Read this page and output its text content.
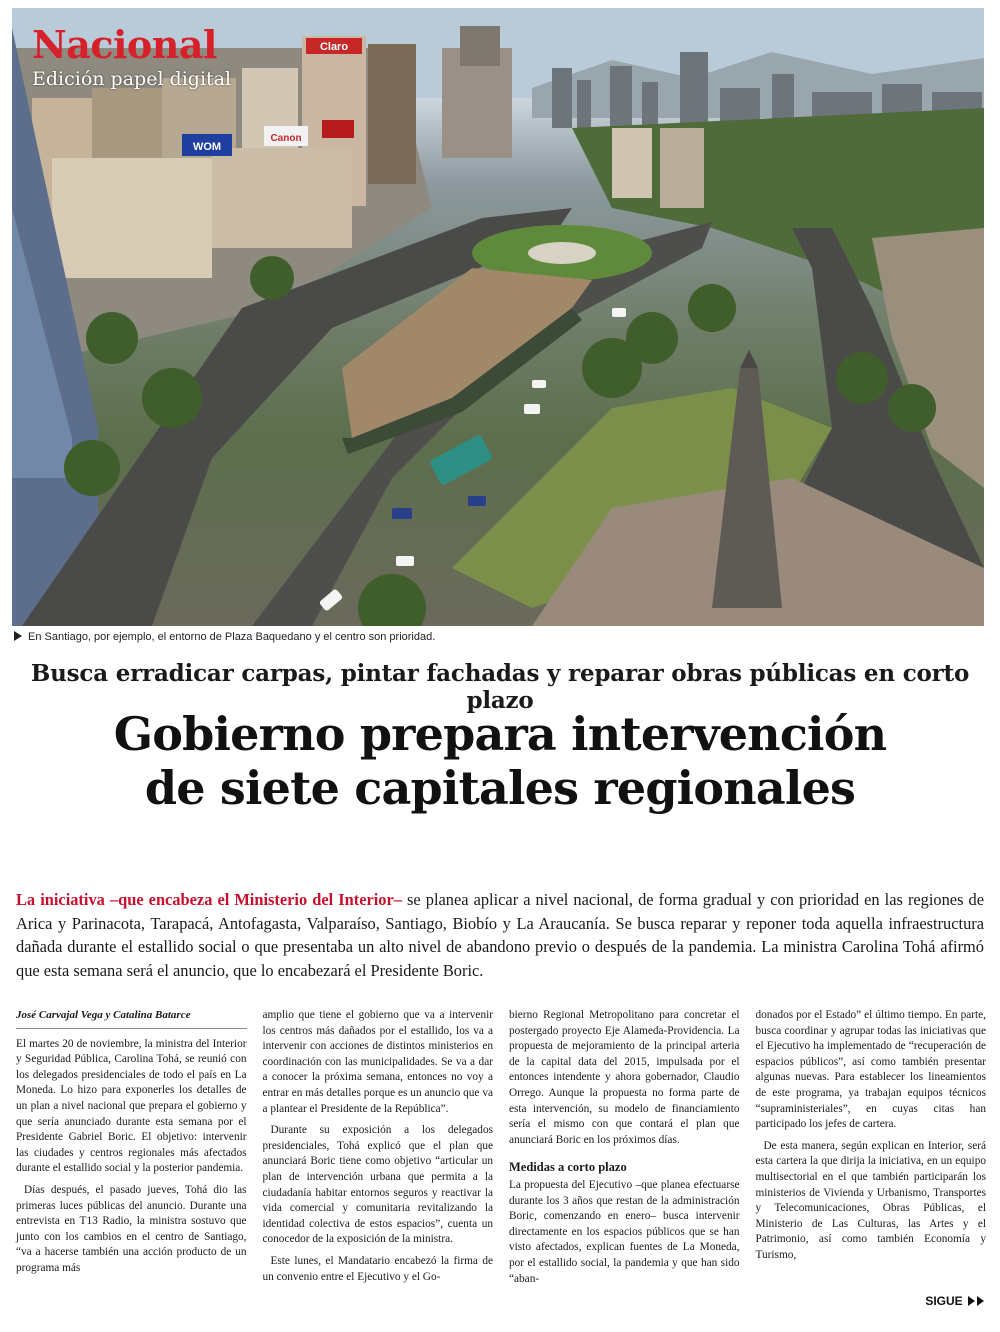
Claro
WOM
Canon
Nacional
Edición papel digital
En Santiago, por ejemplo, el entorno de Plaza Baquedano y el centro son prioridad.
Busca erradicar carpas, pintar fachadas y reparar obras públicas en corto plazo
Gobierno prepara intervención
de siete capitales regionales
La iniciativa –que encabeza el Ministerio del Interior– se planea aplicar a nivel nacional, de forma gradual y con prioridad en las regiones de Arica y Parinacota, Tarapacá, Antofagasta, Valparaíso, Santiago, Biobío y La Araucanía. Se busca reparar y reponer toda aquella infraestructura dañada durante el estallido social o que presentaba un alto nivel de abandono previo o después de la pandemia. La ministra Carolina Tohá afirmó que esta semana será el anuncio, que lo encabezará el Presidente Boric.
José Carvajal Vega y Catalina Batarce

El martes 20 de noviembre, la ministra del Interior y Seguridad Pública, Carolina Tohá, se reunió con los delegados presidenciales de todo el país en La Moneda. Lo hizo para exponerles los detalles de un plan a nivel nacional que prepara el gobierno y que sería anunciado durante esta semana por el Presidente Gabriel Boric. El objetivo: intervenir las ciudades y centros regionales más afectados durante el estallido social y la posterior pandemia.

Días después, el pasado jueves, Tohá dio las primeras luces públicas del anuncio. Durante una entrevista en T13 Radio, la ministra sostuvo que junto con los cambios en el centro de Santiago, “va a hacerse también una acción producto de un programa más

amplio que tiene el gobierno que va a intervenir los centros más dañados por el estallido, los va a intervenir con acciones de distintos ministerios en coordinación con las municipalidades. Se va a dar a conocer la próxima semana, entonces no voy a entrar en más detalles porque es un anuncio que va a plantear el Presidente de la República”.

Durante su exposición a los delegados presidenciales, Tohá explicó que el plan que anunciará Boric tiene como objetivo “articular un plan de intervención urbana que permita a la ciudadanía habitar entornos seguros y reactivar la vida comercial y comunitaria revitalizando la identidad colectiva de estos espacios”, cuenta un conocedor de la exposición de la ministra.

Este lunes, el Mandatario encabezó la firma de un convenio entre el Ejecutivo y el Go-

bierno Regional Metropolitano para concretar el postergado proyecto Eje Alameda-Providencia. La propuesta de mejoramiento de la principal arteria de la capital data del 2015, impulsada por el entonces intendente y ahora gobernador, Claudio Orrego. Aunque la propuesta no forma parte de esta intervención, su modelo de financiamiento sería el mismo con que contará el plan que anunciará Boric en los próximos días.

Medidas a corto plazo

La propuesta del Ejecutivo –que planea efectuarse durante los 3 años que restan de la administración Boric, comenzando en enero– busca intervenir directamente en los espacios públicos que se han visto afectados, explican fuentes de La Moneda, por el estallido social, la pandemia y que han sido “aban-

donados por el Estado” el último tiempo. En parte, busca coordinar y agrupar todas las iniciativas que el Ejecutivo ha implementado de “recuperación de espacios públicos”, así como también presentar algunas nuevas. Para establecer los lineamientos de este programa, ya trabajan equipos técnicos “supraministeriales”, en cuyas citas han participado los jefes de cartera.

De esta manera, según explican en Interior, será esta cartera la que dirija la iniciativa, en un equipo multisectorial en el que también participarán los ministerios de Vivienda y Urbanismo, Transportes y Telecomunicaciones, Obras Públicas, el Ministerio de Las Culturas, las Artes y el Patrimonio, así como también Economía y Turismo,

SIGUE
